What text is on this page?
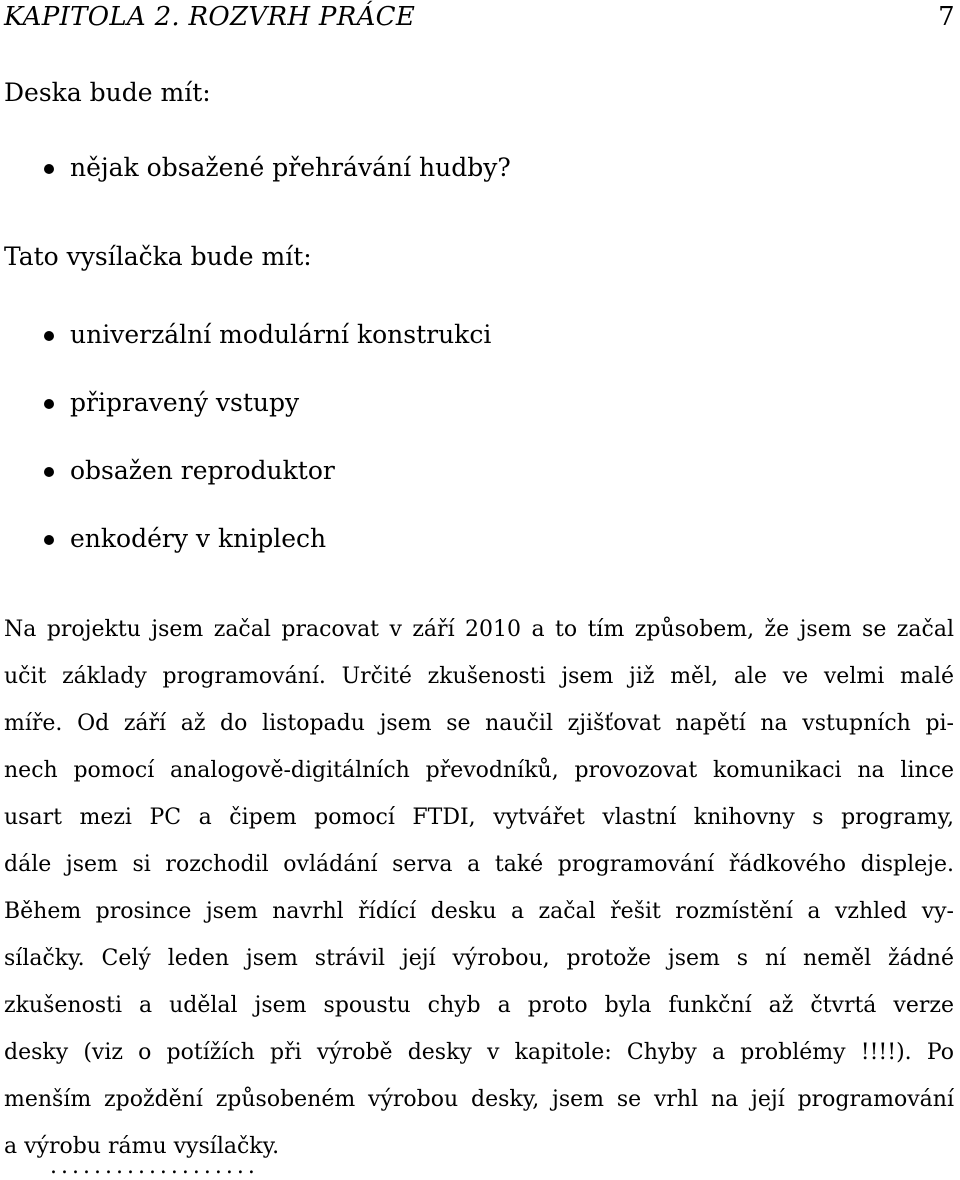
KAPITOLA 2. ROZVRH PRÁCE	7

Deska bude mít:

nějak obsažené přehrávání hudby?

Tato vysílačka bude mít:

univerzální modulární konstrukci
připravený vstupy
obsažen reproduktor
enkodéry v kniplech
Na projektu jsem začal pracovat v září 2010 a to tím způsobem, že jsem se začal
učit základy programování. Určité zkušenosti jsem již měl, ale ve velmi malé
míře. Od září až do listopadu jsem se naučil zjišťovat napětí na vstupních pi-
nech pomocí analogově-digitálních převodníků, provozovat komunikaci na lince
usart mezi PC a čipem pomocí FTDI, vytvářet vlastní knihovny s programy,
dále jsem si rozchodil ovládání serva a také programování řádkového displeje.
Během prosince jsem navrhl řídící desku a začal řešit rozmístění a vzhled vy-
sílačky. Celý leden jsem strávil její výrobou, protože jsem s ní neměl žádné
zkušenosti a udělal jsem spoustu chyb a proto byla funkční až čtvrtá verze
desky (viz o potížích při výrobě desky v kapitole: Chyby a problémy !!!!). Po
menším zpoždění způsobeném výrobou desky, jsem se vrhl na její programování
a výrobu rámu vysílačky.
...................
